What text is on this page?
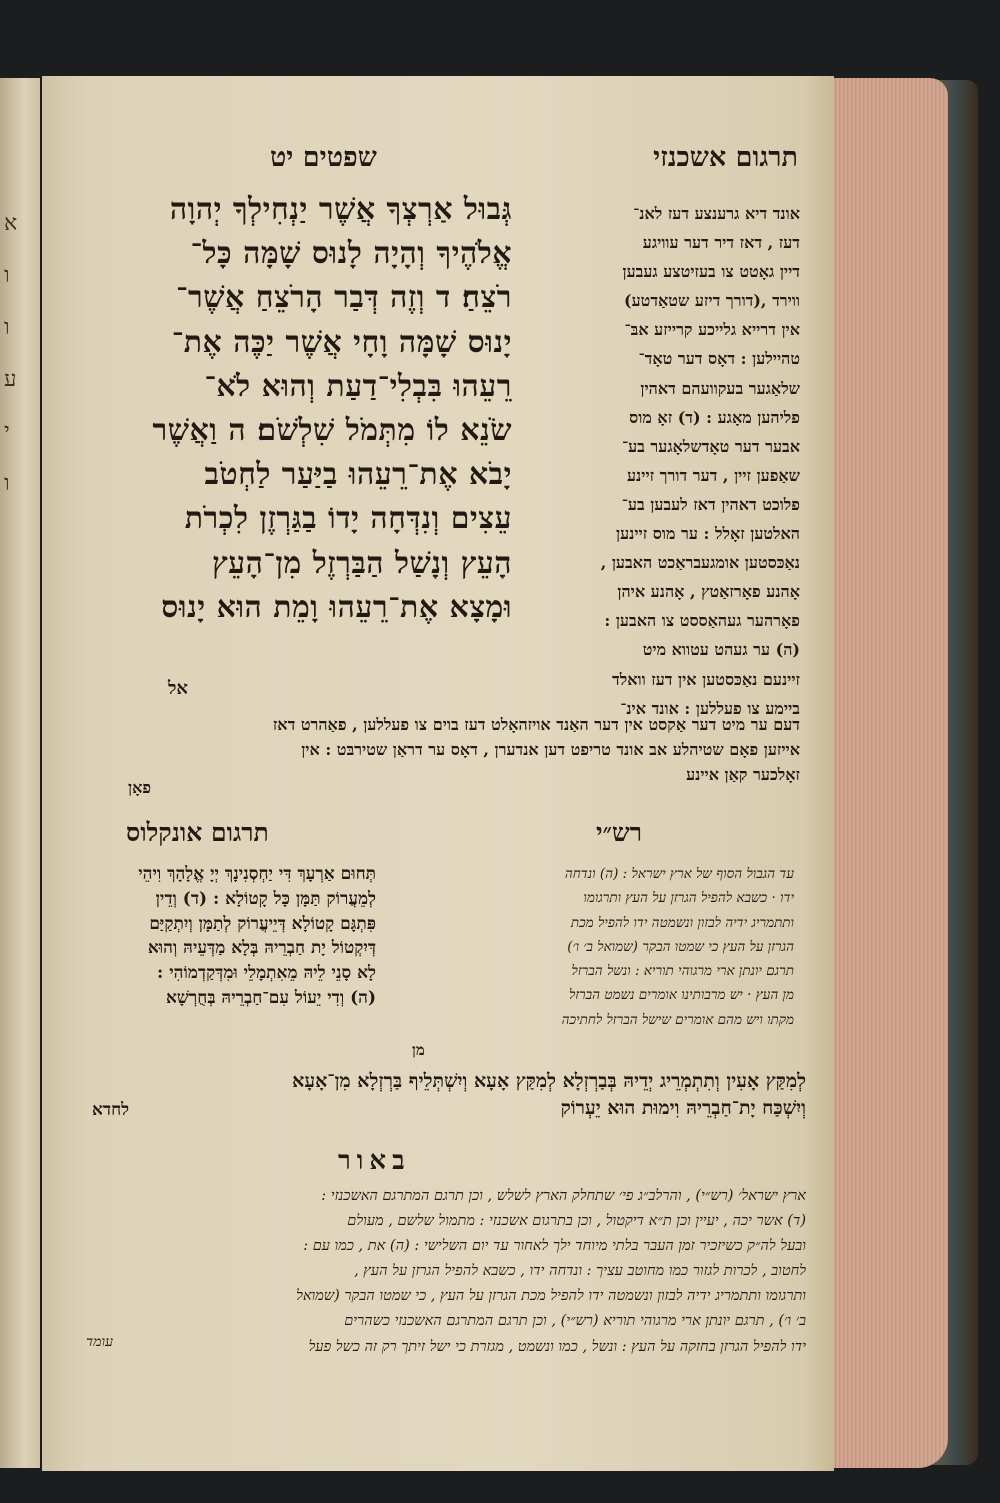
א
ו
ו
ע
י
ו
תרגום אשכנזי
שפטים יט
אונד דיא גרענצע דעז לאנ־
דעז , דאז דיר דער עוויגע
דיין גאָטט צו בעזיטצע געבען
ווירד ,(דורך דיזע שטאַדטע)
אין דרייא גלייכע קרייזע אבּ־
טהיילען : דאָס דער טאָד־
שלאַגער בעקוועהם דאהין
פליהען מאָגע : (ד) זאָ מוס
אבער דער טאָדשלאָגער בע־
שאַפען זיין , דער דורך זיינע
פלוכט דאהין דאז לעבען בע־
האלטען זאָלל : ער מוס זיינען
נאַכּסטען אומגעבראַכט האבען ,
אָהנע פאָרזאַטץ , אָהנע איהן
פאָרהער געהאַססט צו האבען :
(ה) ער געהט עטווא מיט
זיינעם נאַכּסטען אין דעז וואלד
ביימע צו פעללען : אונד אינ־
גְּבוּל אַרְצְךָ אֲשֶׁר יַנְחִילְךָ יְהוָה
אֱלֹהֶיךָ וְהָיָה לָנוּס שָׁמָּה כָּל־
רֹצֵחַ׃ ד וְזֶה דְּבַר הָרֹצֵחַ אֲשֶׁר־
יָנוּס שָׁמָּה וָחָי אֲשֶׁר יַכֶּה אֶת־
רֵעֵהוּ בִּבְלִי־דַעַת וְהוּא לֹא־
שֹׂנֵא לוֹ מִתְּמֹל שִׁלְשֹׁם׃ ה וַאֲשֶׁר
יָבֹא אֶת־רֵעֵהוּ בַיַּעַר לַחְטֹב
עֵצִים וְנִדְּחָה יָדוֹ בַגַּרְזֶן לִכְרֹת
הָעֵץ וְנָשַׁל הַבַּרְזֶל מִן־הָעֵץ
וּמָצָא אֶת־רֵעֵהוּ וָמֵת הוּא יָנוּס
אל
דעם ער מיט דער אַקסט אין דער האַנד אויזהאָלט דעז בוים צו פעללען , פאַהרט דאז
אייזען פאָם שטיהלע אב אונד טריפט דען אנדערן , דאָס ער דראַן שטירבּט : אין
זאָלכער קאַן איינע
פאָן
רש״י
תרגום אונקלוס
עד הגבול הסוף של ארץ ישראל : (ה) ונדחה
ידו · כשבא להפיל הגרזן על העץ ותרגומו
ותתמריג ידיה לבזון ונשמטה ידו להפיל מכת
הגרזן על העץ כי שמטו הבקר (שמואל ב׳ ו׳)
תרגם יונתן ארי מרגוהי תוריא : ונשל הברזל
מן העץ · יש מרבותינו אומרים נשמט הברזל
מקתו ויש מהם אומרים שישל הברזל לחתיכה
מן
תְּחוּם אַרְעָךְ דִּי יַחְסְנִינָךְ יְיָ אֱלָהָךְ וִיהֵי
לְמֵעֲרוֹק תַּמָּן כָּל קָטוֹלָא : (ד) וְדֵין
פִּתְגָּם קָטוֹלָא דְּיֵיעֲרוֹק לְתַמָּן וְיִתְקַיַּם
דְּיִקְטוֹל יָת חַבְרֵיהּ בְּלָא מַדְּעֵיהּ וְהוּא
לָא סָנֵי לֵיהּ מֵאִתְמָלֵי וּמִדְּקַדְמוֹהִי :
(ה) וְדִי יֵעוֹל עִם־חַבְרֵיהּ בְּחֻרְשָׁא
לְמִקַּץ אָעִין וְתִתְמְרֵיג יְדֵיהּ בְּבַרְזְלָא לְמִקַּץ אָעָא וְיִשְׁתְּלֵיף בַּרְזְלָא מִן־אָעָא
וְיִשְׁכַּח יָת־חַבְרֵיהּ וִימוּת הוּא יֵעְרוֹק
לחדא
באור
ארץ ישראל׳ (רש״י) , והרלב״ג פי׳ שתחלק הארץ לשלש , וכן תרגם המתרגם האשכנזי :
(ד) אשר יכה , יעיין וכן ת״א דיקטול , וכן בתרגום אשכנזי : מתמול שלשם , מעולם
ובעל לה״ק כשיזכיר זמן העבר בלתי מיוחד ילך לאחור עד יום השלישי : (ה) את , כמו עם :
לחטוב , לכרות לגזור כמו מחוטב עציך : ונדחה ידו , כשבא להפיל הגרזן על העץ ,
ותרגומו ותתמריג ידיה לבזון ונשמטה ידו להפיל מכת הגרזן על העץ , כי שמטו הבקר (שמואל
ב׳ ו׳) , תרגם יונתן ארי מרגוהי תוריא (רש״י) , וכן תרגם המתרגם האשכנזי כשהרים
ידו להפיל הגרזן בחזקה על העץ : ונשל , כמו ונשמט , מגזרת כי ישל זיתך רק זה כשל פעל
עומד
